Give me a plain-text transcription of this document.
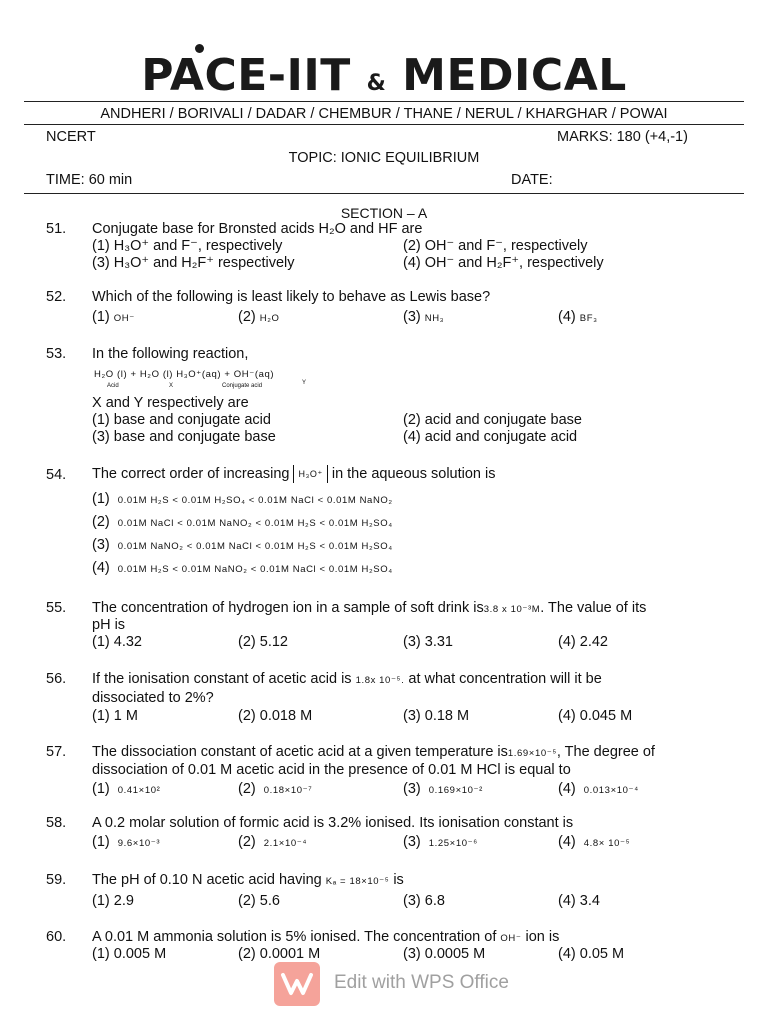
PACE-IIT & MEDICAL
ANDHERI / BORIVALI / DADAR / CHEMBUR / THANE / NERUL / KHARGHAR / POWAI
NCERT	MARKS: 180 (+4,-1)
TOPIC: IONIC EQUILIBRIUM
TIME: 60 min	DATE:
SECTION – A
51. Conjugate base for Bronsted acids H₂O and HF are
(1) H₃O⁺ and F⁻, respectively	(2) OH⁻ and F⁻, respectively
(3) H₃O⁺ and H₂F⁺ respectively	(4) OH⁻ and H₂F⁺, respectively
52. Which of the following is least likely to behave as Lewis base?
(1) OH⁻	(2) H₂O	(3) NH₃	(4) BF₃
53. In the following reaction,
H₂O (l) + H₂O (l) H₃O⁺(aq) + OH⁻(aq)
Acid	X	Conjugate acid	Y
X and Y respectively are
(1) base and conjugate acid	(2) acid and conjugate base
(3) base and conjugate base	(4) acid and conjugate acid
54. The correct order of increasing H₃O⁺ in the aqueous solution is
(1) 0.01M H₂S < 0.01M H₂SO₄ < 0.01M NaCl < 0.01M NaNO₂
(2) 0.01M NaCl < 0.01M NaNO₂ < 0.01M H₂S < 0.01M H₂SO₄
(3) 0.01M NaNO₂ < 0.01M NaCl < 0.01M H₂S < 0.01M H₂SO₄
(4) 0.01M H₂S < 0.01M NaNO₂ < 0.01M NaCl < 0.01M H₂SO₄
55. The concentration of hydrogen ion in a sample of soft drink is3.8 x 10⁻³M. The value of its
pH is
(1) 4.32	(2) 5.12	(3) 3.31	(4) 2.42
56. If the ionisation constant of acetic acid is 1.8x 10⁻⁵. at what concentration will it be
dissociated to 2%?
(1) 1 M	(2) 0.018 M	(3) 0.18 M	(4) 0.045 M
57. The dissociation constant of acetic acid at a given temperature is1.69×10⁻⁵, The degree of
dissociation of 0.01 M acetic acid in the presence of 0.01 M HCl is equal to
(1) 0.41×10²	(2) 0.18×10⁻⁷	(3) 0.169×10⁻²	(4) 0.013×10⁻⁴
58. A 0.2 molar solution of formic acid is 3.2% ionised. Its ionisation constant is
(1) 9.6×10⁻³	(2) 2.1×10⁻⁴	(3) 1.25×10⁻⁶	(4) 4.8× 10⁻⁵
59. The pH of 0.10 N acetic acid having Kₐ = 18×10⁻⁵ is
(1) 2.9	(2) 5.6	(3) 6.8	(4) 3.4
60. A 0.01 M ammonia solution is 5% ionised. The concentration of OH⁻ ion is
(1) 0.005 M	(2) 0.0001 M	(3) 0.0005 M	(4) 0.05 M
Edit with WPS Office
